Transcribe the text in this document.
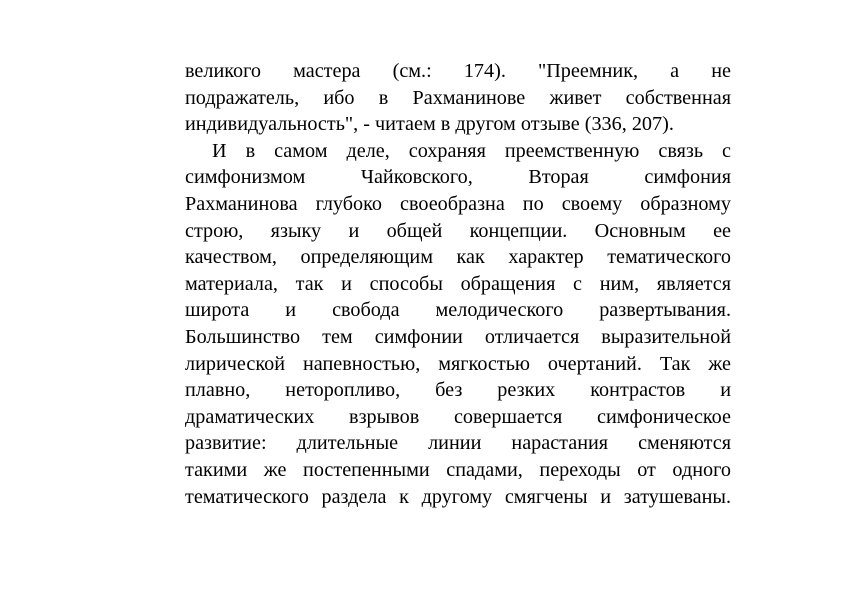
великого мастера (см.: 174). "Преемник, а не
подражатель, ибо в Рахманинове живет собственная
индивидуальность", - читаем в другом отзыве (336, 207).
И в самом деле, сохраняя преемственную связь с
симфонизмом Чайковского, Вторая симфония
Рахманинова глубоко своеобразна по своему образному
строю, языку и общей концепции. Основным ее
качеством, определяющим как характер тематического
материала, так и способы обращения с ним, является
широта и свобода мелодического развертывания.
Большинство тем симфонии отличается выразительной
лирической напевностью, мягкостью очертаний. Так же
плавно, неторопливо, без резких контрастов и
драматических взрывов совершается симфоническое
развитие: длительные линии нарастания сменяются
такими же постепенными спадами, переходы от одного
тематического раздела к другому смягчены и затушеваны.
